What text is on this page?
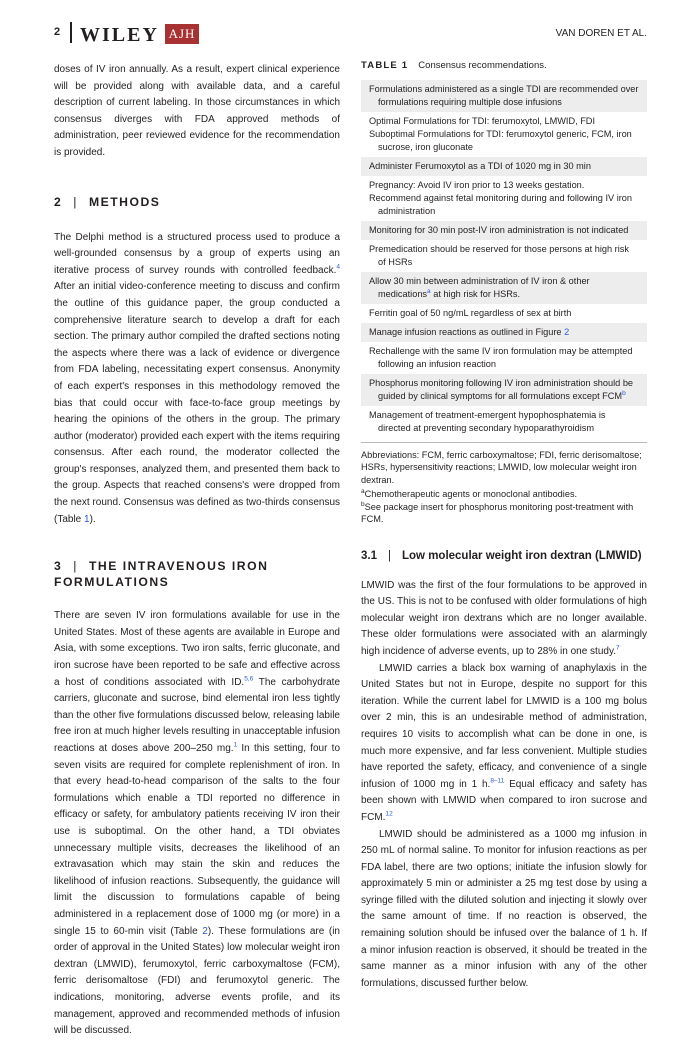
2 WILEY AJH	VAN DOREN ET AL.

doses of IV iron annually. As a result, expert clinical experience will be provided along with available data, and a careful description of current labeling. In those circumstances in which consensus diverges with FDA approved methods of administration, peer reviewed evidence for the recommendation is provided.

2 | METHODS

The Delphi method is a structured process used to produce a well-grounded consensus by a group of experts using an iterative process of survey rounds with controlled feedback.$^4$ After an initial video-conference meeting to discuss and confirm the outline of this guidance paper, the group conducted a comprehensive literature search to develop a draft for each section. The primary author compiled the drafted sections noting the aspects where there was a lack of evidence or divergence from FDA labeling, necessitating expert consensus. Anonymity of each expert's responses in this methodology removed the bias that could occur with face-to-face group meetings by hearing the opinions of the others in the group. The primary author (moderator) provided each expert with the items requiring consensus. After each round, the moderator collected the group's responses, analyzed them, and presented them back to the group. Aspects that reached consens's were dropped from the next round. Consensus was defined as two-thirds consensus (Table 1).

3 | THE INTRAVENOUS IRON FORMULATIONS

There are seven IV iron formulations available for use in the United States. Most of these agents are available in Europe and Asia, with some exceptions. Two iron salts, ferric gluconate, and iron sucrose have been reported to be safe and effective across a host of conditions associated with ID.$^{5,6}$ The carbohydrate carriers, gluconate and sucrose, bind elemental iron less tightly than the other five formulations discussed below, releasing labile free iron at much higher levels resulting in unacceptable infusion reactions at doses above 200–250 mg.$^1$ In this setting, four to seven visits are required for complete replenishment of iron. In that every head-to-head comparison of the salts to the four formulations which enable a TDI reported no difference in efficacy or safety, for ambulatory patients receiving IV iron their use is suboptimal. On the other hand, a TDI obviates unnecessary multiple visits, decreases the likelihood of an extravasation which may stain the skin and reduces the likelihood of infusion reactions. Subsequently, the guidance will limit the discussion to formulations capable of being administered in a replacement dose of 1000 mg (or more) in a single 15 to 60-min visit (Table 2). These formulations are (in order of approval in the United States) low molecular weight iron dextran (LMWID), ferumoxytol, ferric carboxymaltose (FCM), ferric derisomaltose (FDI) and ferumoxytol generic. The indications, monitoring, adverse events profile, and its management, approved and recommended methods of infusion will be discussed.

TABLE 1 Consensus recommendations.
Formulations administered as a single TDI are recommended over formulations requiring multiple dose infusions
Optimal Formulations for TDI: ferumoxytol, LMWID, FDI
Suboptimal Formulations for TDI: ferumoxytol generic, FCM, iron sucrose, iron gluconate
Administer Ferumoxytol as a TDI of 1020 mg in 30 min
Pregnancy: Avoid IV iron prior to 13 weeks gestation.
Recommend against fetal monitoring during and following IV iron administration
Monitoring for 30 min post-IV iron administration is not indicated
Premedication should be reserved for those persons at high risk of HSRs
Allow 30 min between administration of IV iron & other medications$^a$ at high risk for HSRs.
Ferritin goal of 50 ng/mL regardless of sex at birth
Manage infusion reactions as outlined in Figure 2
Rechallenge with the same IV iron formulation may be attempted following an infusion reaction
Phosphorus monitoring following IV iron administration should be guided by clinical symptoms for all formulations except FCM$^b$
Management of treatment-emergent hypophosphatemia is directed at preventing secondary hypoparathyroidism
Abbreviations: FCM, ferric carboxymaltose; FDI, ferric derisomaltose; HSRs, hypersensitivity reactions; LMWID, low molecular weight iron dextran.
$^a$Chemotherapeutic agents or monoclonal antibodies.
$^b$See package insert for phosphorus monitoring post-treatment with FCM.
3.1 | Low molecular weight iron dextran (LMWID)

LMWID was the first of the four formulations to be approved in the US. This is not to be confused with older formulations of high molecular weight iron dextrans which are no longer available. These older formulations were associated with an alarmingly high incidence of adverse events, up to 28% in one study.$^7$

LMWID carries a black box warning of anaphylaxis in the United States but not in Europe, despite no support for this iteration. While the current label for LMWID is a 100 mg bolus over 2 min, this is an undesirable method of administration, requires 10 visits to accomplish what can be done in one, is much more expensive, and far less convenient. Multiple studies have reported the safety, efficacy, and convenience of a single infusion of 1000 mg in 1 h.$^{8-11}$ Equal efficacy and safety has been shown with LMWID when compared to iron sucrose and FCM.$^{12}$

LMWID should be administered as a 1000 mg infusion in 250 mL of normal saline. To monitor for infusion reactions as per FDA label, there are two options; initiate the infusion slowly for approximately 5 min or administer a 25 mg test dose by using a syringe filled with the diluted solution and injecting it slowly over the same amount of time. If no reaction is observed, the remaining solution should be infused over the balance of 1 h. If a minor infusion reaction is observed, it should be treated in the same manner as a minor infusion with any of the other formulations, discussed further below.
